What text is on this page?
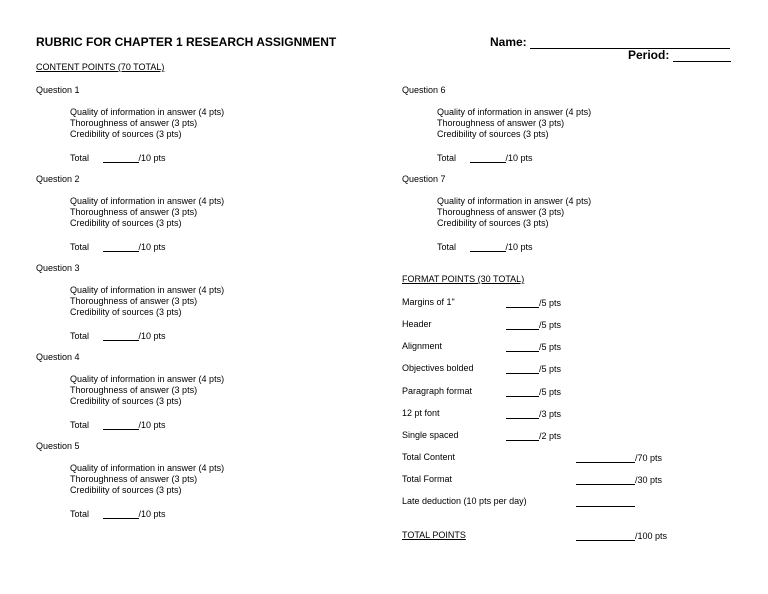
RUBRIC FOR CHAPTER 1 RESEARCH ASSIGNMENT	Name:
Period:
CONTENT POINTS (70 TOTAL)
Question 1
Quality of information in answer (4 pts)
Thoroughness of answer (3 pts)
Credibility of sources (3 pts)
Total	/10 pts
Question 2
Quality of information in answer (4 pts)
Thoroughness of answer (3 pts)
Credibility of sources (3 pts)
Total	/10 pts
Question 3
Quality of information in answer (4 pts)
Thoroughness of answer (3 pts)
Credibility of sources (3 pts)
Total	/10 pts
Question 4
Quality of information in answer (4 pts)
Thoroughness of answer (3 pts)
Credibility of sources (3 pts)
Total	/10 pts
Question 5
Quality of information in answer (4 pts)
Thoroughness of answer (3 pts)
Credibility of sources (3 pts)
Total	/10 pts
Question 6
Quality of information in answer (4 pts)
Thoroughness of answer (3 pts)
Credibility of sources (3 pts)
Total	/10 pts
Question 7
Quality of information in answer (4 pts)
Thoroughness of answer (3 pts)
Credibility of sources (3 pts)
Total	/10 pts
FORMAT POINTS (30 TOTAL)
Margins of 1"	/5 pts
Header	/5 pts
Alignment	/5 pts
Objectives bolded	/5 pts
Paragraph format	/5 pts
12 pt font	/3 pts
Single spaced	/2 pts
Total Content	/70 pts
Total Format	/30 pts
Late deduction (10 pts per day)
TOTAL POINTS	/100 pts
